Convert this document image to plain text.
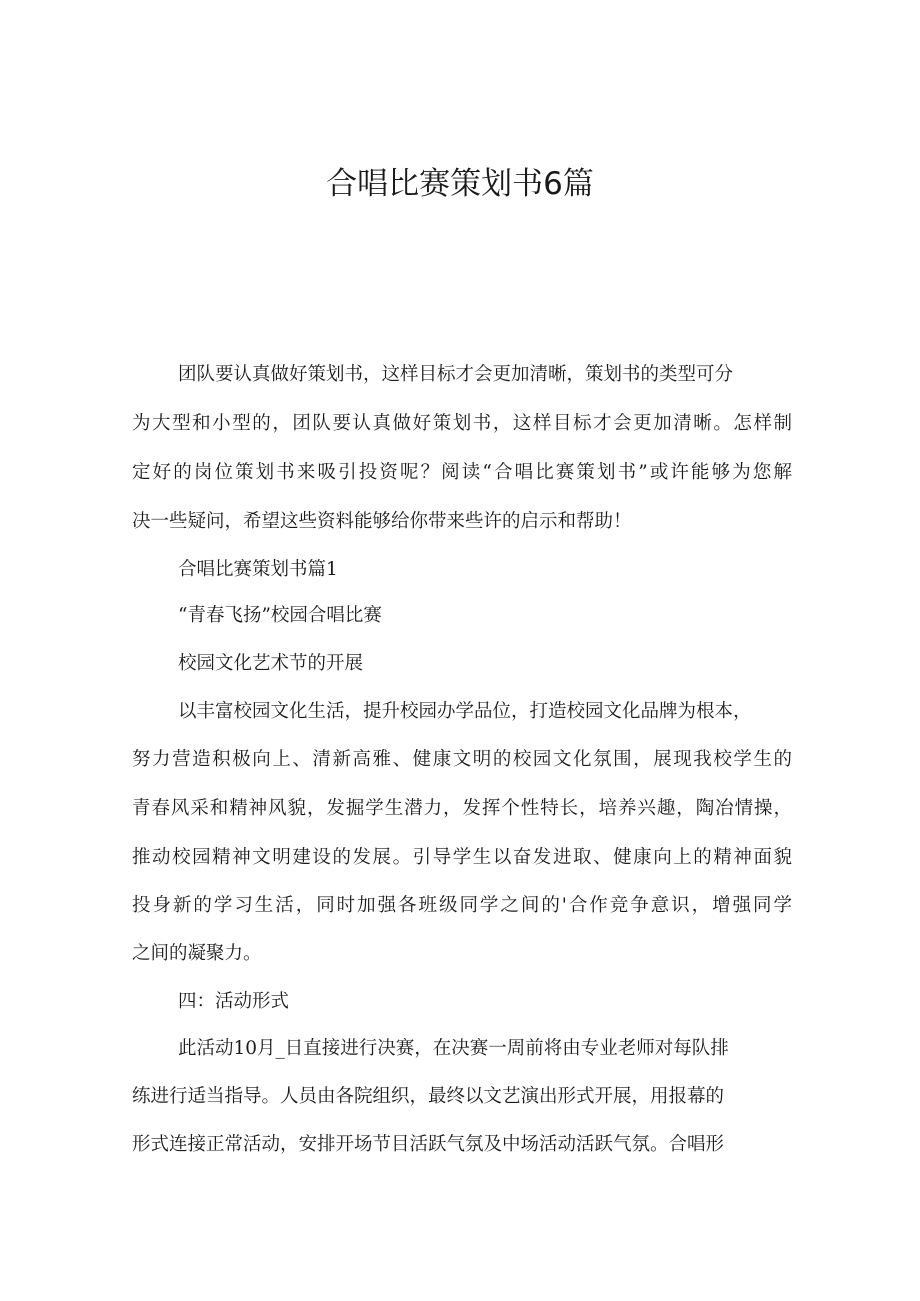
合唱比赛策划书6篇

团队要认真做好策划书，这样目标才会更加清晰，策划书的类型可分

为大型和小型的，团队要认真做好策划书，这样目标才会更加清晰。怎样制

定好的岗位策划书来吸引投资呢？阅读“合唱比赛策划书”或许能够为您解

决一些疑问，希望这些资料能够给你带来些许的启示和帮助！

合唱比赛策划书篇1

“青春飞扬”校园合唱比赛

校园文化艺术节的开展

以丰富校园文化生活，提升校园办学品位，打造校园文化品牌为根本，

努力营造积极向上、清新高雅、健康文明的校园文化氛围，展现我校学生的

青春风采和精神风貌，发掘学生潜力，发挥个性特长，培养兴趣，陶冶情操，

推动校园精神文明建设的发展。引导学生以奋发进取、健康向上的精神面貌

投身新的学习生活，同时加强各班级同学之间的'合作竞争意识，增强同学

之间的凝聚力。

四：活动形式

此活动10月_日直接进行决赛，在决赛一周前将由专业老师对每队排

练进行适当指导。人员由各院组织，最终以文艺演出形式开展，用报幕的

形式连接正常活动，安排开场节目活跃气氛及中场活动活跃气氛。合唱形
